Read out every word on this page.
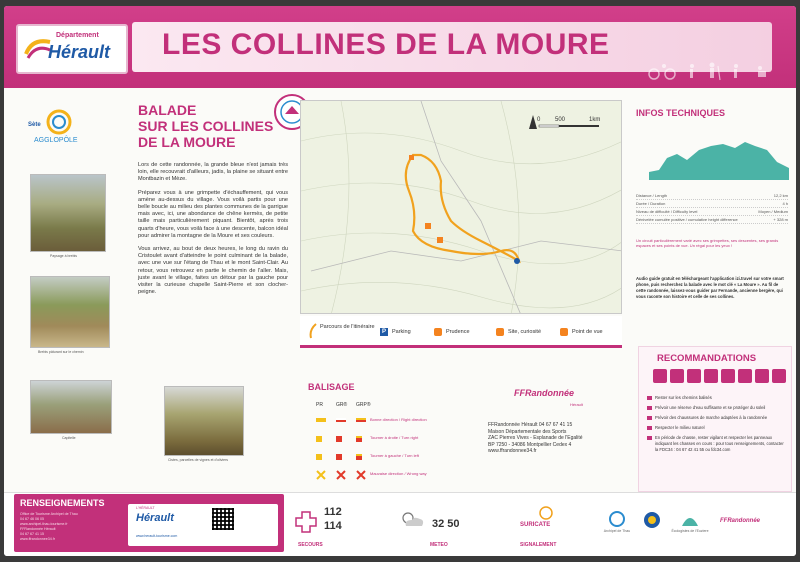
LES COLLINES DE LA MOURE
Département
Hérault
Sète
AGGLOPÔLE
Paysage à brebis
Brebis pâturant sur le chemin
Capitelle
Cistes, parcelles de vignes et d'oliviers
BALADE
SUR LES COLLINES
DE LA MOURE

Lors de cette randonnée, la grande bleue n'est jamais très loin, elle recouvrait d'ailleurs, jadis, la plaine se situant entre Montbazin et Mèze.

Préparez vous à une grimpette d'échauffement, qui vous amène au-dessus du village. Vous voilà partis pour une belle boucle au milieu des plantes communes de la garrigue mais avec, ici, une abondance de chêne kermès, de petite taille mais particulièrement piquant. Bientôt, après trois quarts d'heure, vous voilà face à une descente, balcon idéal pour admirer la montagne de la Moure et ses couleurs.

Vous arrivez, au bout de deux heures, le long du ravin du Cristoulet avant d'atteindre le point culminant de la balade, avec une vue sur l'étang de Thau et le mont Saint-Clair. Au retour, vous retrouvez en partie le chemin de l'aller. Mais, juste avant le village, faites un détour par la gauche pour visiter la curieuse chapelle Saint-Pierre et son clocher-peigne.

0 500	1km
Parcours de l'itinéraire
P	Parking	Prudence	Site, curiosité	Point de vue
INFOS TECHNIQUES
Distance / Length	12,2 km
Durée / Duration	4 h
Niveau de difficulté / Difficulty level	Moyen / Medium
Dénivelée cumulée positive / cumulative height difference	+ 328 m
Un circuit particulièrement varié avec ses grimpettes, ses descentes, ses grands espaces et ses points de vue. Un régal pour les yeux !
Audio guide gratuit en téléchargeant l'application izi.travel sur votre smart phone, puis recherchez la balade avec le mot clé « La Moure ». Au fil de cette randonnée, laissez-vous guider par Fernande, ancienne bergère, qui vous raconte son histoire et celle de ses collines.
RECOMMANDATIONS
Rester sur les chemins balisés
Prévoir une réserve d'eau suffisante et se protéger du soleil
Prévoir des chaussures de marche adaptées à la randonnée
Respecter le milieu naturel
En période de chasse, rester vigilant et respecter les panneaux indiquant les chasses en cours : pour tous renseignements, contacter la FDC34 : 04 67 42 41 55 ou fdc34.com
BALISAGE
PR	GR® GRP®
Bonne direction / Right direction
Tourner à droite / Turn right
Tourner à gauche / Turn left
Mauvaise direction / Wrong way
FFRandonnée
Hérault
FFRandonnée Hérault 04 67 67 41 15
Maison Départementale des Sports
ZAC Pierres Vives - Esplanade de l'Egalité
BP 7250 - 34086 Montpellier Cedex 4
www.ffrandonnee34.fr
RENSEIGNEMENTS
Office de Tourisme Archipel de Thau
04 67 46 06 05
www.archipel-thau-tourisme.fr
FFRandonnée Hérault
04 67 67 41 15
www.ffrandonnee34.fr
L'HÉRAULT
Hérault
www.herault-tourisme.com
INFORMATIONS
112
114
SECOURS
32 50
METEO
SURICATE
SIGNALEMENT
Archipel de Thau	Écologistes de l'Euziere
FFRandonnée
